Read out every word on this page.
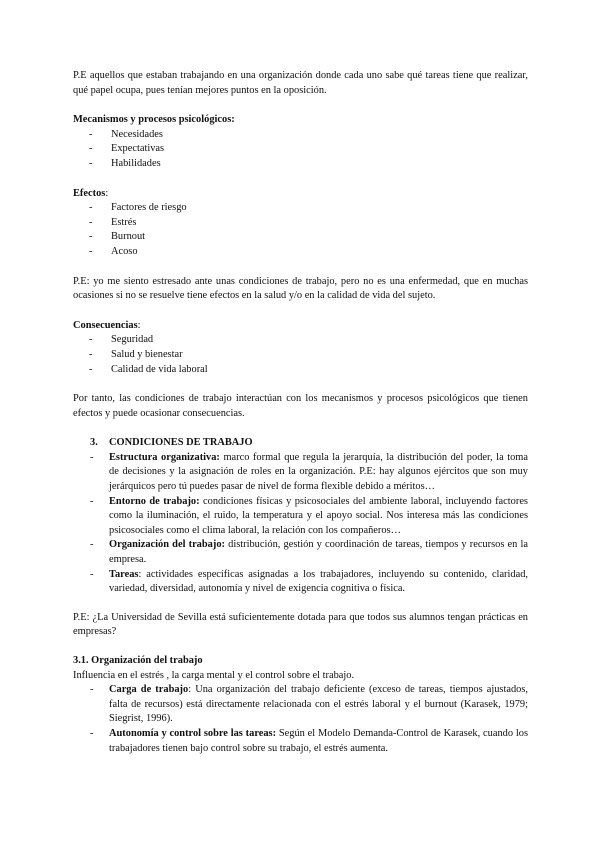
P.E aquellos que estaban trabajando en una organización donde cada uno sabe qué tareas tiene que realizar, qué papel ocupa, pues tenían mejores puntos en la oposición.

Mecanismos y procesos psicológicos:

- Necesidades
- Expectativas
- Habilidades

Efectos:

- Factores de riesgo
- Estrés
- Burnout
- Acoso

P.E: yo me siento estresado ante unas condiciones de trabajo, pero no es una enfermedad, que en muchas ocasiones si no se resuelve tiene efectos en la salud y/o en la calidad de vida del sujeto.

Consecuencias:

- Seguridad
- Salud y bienestar
- Calidad de vida laboral

Por tanto, las condiciones de trabajo interactúan con los mecanismos y procesos psicológicos que tienen efectos y puede ocasionar consecuencias.

3. CONDICIONES DE TRABAJO

- Estructura organizativa: marco formal que regula la jerarquía, la distribución del poder, la toma de decisiones y la asignación de roles en la organización. P.E: hay algunos ejércitos que son muy jerárquicos pero tú puedes pasar de nivel de forma flexible debido a méritos…
- Entorno de trabajo: condiciones físicas y psicosociales del ambiente laboral, incluyendo factores como la iluminación, el ruido, la temperatura y el apoyo social. Nos interesa más las condiciones psicosociales como el clima laboral, la relación con los compañeros…
- Organización del trabajo: distribución, gestión y coordinación de tareas, tiempos y recursos en la empresa.
- Tareas: actividades específicas asignadas a los trabajadores, incluyendo su contenido, claridad, variedad, diversidad, autonomía y nivel de exigencia cognitiva o física.

P.E: ¿La Universidad de Sevilla está suficientemente dotada para que todos sus alumnos tengan prácticas en empresas?

3.1. Organización del trabajo

Influencia en el estrés , la carga mental y el control sobre el trabajo.

- Carga de trabajo: Una organización del trabajo deficiente (exceso de tareas, tiempos ajustados, falta de recursos) está directamente relacionada con el estrés laboral y el burnout (Karasek, 1979; Siegrist, 1996).
- Autonomía y control sobre las tareas: Según el Modelo Demanda-Control de Karasek, cuando los trabajadores tienen bajo control sobre su trabajo, el estrés aumenta.
